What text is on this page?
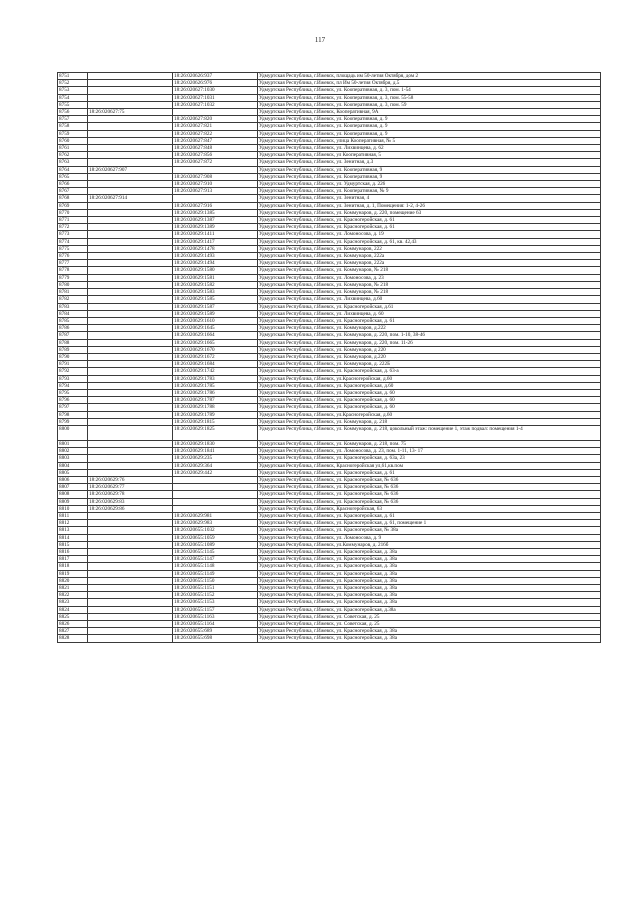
117
8751		18:26:020626:937	Удмуртская Республика, г.Ижевск, площадь им 50-летия Октября, дом 2
8752		18:26:020626:976	Удмуртская Республика, г.Ижевск, пл Им 50-летия Октября, д.5
8753		18:26:020627:1030	Удмуртская Республика, г.Ижевск, ул. Кооперативная, д. 3, пом. 1-54
8754		18:26:020627:1031	Удмуртская Республика, г.Ижевск, ул. Кооперативная, д. 3, пом. 55-58
8755		18:26:020627:1032	Удмуртская Республика, г.Ижевск, ул. Кооперативная, д. 3, пом. 59
8756	18:26:020627:75		Удмуртская Республика, г.Ижевск, Кооперативная, 9А
8757		18:26:020627:820	Удмуртская Республика, г.Ижевск, ул. Кооперативная, д. 9
8758		18:26:020627:821	Удмуртская Республика, г.Ижевск, ул. Кооперативная, д. 9
8759		18:26:020627:822	Удмуртская Республика, г.Ижевск, ул. Кооперативная, д. 9
8760		18:26:020627:847	Удмуртская Республика, г.Ижевск, улица Кооперативная, № 5
8761		18:26:020627:848	Удмуртская Республика, г.Ижевск, ул. Лихвинцева, д. 62
8762		18:26:020627:856	Удмуртская Республика, г.Ижевск, ул Кооперативная, 5
8763		18:26:020627:872	Удмуртская Республика, г.Ижевск, ул. Зенитная, д.3
8764	18:26:020627:907		Удмуртская Республика, г.Ижевск, ул. Кооперативная, 9
8765		18:26:020627:908	Удмуртская Республика, г.Ижевск, ул. Кооперативная, 9
8766		18:26:020627:910	Удмуртская Республика, г.Ижевск, ул. Удмуртская, д. 226
8767		18:26:020627:913	Удмуртская Республика, г.Ижевск, ул. Кооперативная, № 9
8768	18:26:020627:914		Удмуртская Республика, г.Ижевск, ул. Зенитная, 4
8769		18:26:020627:916	Удмуртская Республика, г.Ижевск, ул. Зенитная, д. 1, Помещения: 1-2, 4-26
8770		18:26:020629:1385	Удмуртская Республика, г.Ижевск, ул. Коммунаров, д. 220, помещение 63
8771		18:26:020629:1387	Удмуртская Республика, г.Ижевск, ул. Красногеройская, д. 61
8772		18:26:020629:1389	Удмуртская Республика, г.Ижевск, ул. Красногеройская, д. 61
8773		18:26:020629:1411	Удмуртская Республика, г.Ижевск, ул. Ломоносова, д. 19
8774		18:26:020629:1417	Удмуртская Республика, г.Ижевск, ул. Красногеройская, д. 61, кв. 42,43
8775		18:26:020629:1478	Удмуртская Республика, г.Ижевск, ул. Коммунаров, 222
8776		18:26:020629:1493	Удмуртская Республика, г.Ижевск, ул. Коммунаров, 222а
8777		18:26:020629:1494	Удмуртская Республика, г.Ижевск, ул. Коммунаров, 222а
8778		18:26:020629:1580	Удмуртская Республика, г.Ижевск, ул. Коммунаров, № 218
8779		18:26:020629:1581	Удмуртская Республика, г.Ижевск, ул. Ломоносова, д. 23
8780		18:26:020629:1582	Удмуртская Республика, г.Ижевск, ул. Коммунаров, № 218
8781		18:26:020629:1583	Удмуртская Республика, г.Ижевск, ул. Коммунаров, № 218
8782		18:26:020629:1585	Удмуртская Республика, г.Ижевск, ул. Лихвинцева, д.60
8783		18:26:020629:1587	Удмуртская Республика, г.Ижевск, ул. Красногеройская, д.61
8784		18:26:020629:1589	Удмуртская Республика, г.Ижевск, ул. Лихвинцева, д. 60
8785		18:26:020629:1610	Удмуртская Республика, г.Ижевск, ул. Красногеройская, д. 61
8786		18:26:020629:1645	Удмуртская Республика, г.Ижевск, ул. Коммунаров, д.222
8787		18:26:020629:1664	Удмуртская Республика, г.Ижевск, ул. Коммунаров, д. 220, пом. 1-10, 38-46
8788		18:26:020629:1665	Удмуртская Республика, г.Ижевск, ул. Коммунаров, д. 220, пом. 11-26
8789		18:26:020629:1670	Удмуртская Республика, г.Ижевск, ул. Коммунаров, д 220
8790		18:26:020629:1672	Удмуртская Республика, г.Ижевск, ул. Коммунаров, д.220
8791		18:26:020629:1684	Удмуртская Республика, г.Ижевск, ул. Коммунаров, д. 222Б
8792		18:26:020629:1742	Удмуртская Республика, г.Ижевск, ул. Красногеройская, д. 63-а
8793		18:26:020629:1783	Удмуртская Республика, г.Ижевск, ул.Красногеройская, д.60
8794		18:26:020629:1785	Удмуртская Республика, г.Ижевск, ул. Красногеройская, д.60
8795		18:26:020629:1786	Удмуртская Республика, г.Ижевск, ул. Красногеройская, д. 60
8796		18:26:020629:1787	Удмуртская Республика, г.Ижевск, ул. Красногеройская, д. 60
8797		18:26:020629:1788	Удмуртская Республика, г.Ижевск, ул. Красногеройская, д. 60
8798		18:26:020629:1789	Удмуртская Республика, г.Ижевск, ул.Красногеройская, д.60
8799		18:26:020629:1815	Удмуртская Республика, г.Ижевск, ул. Коммунаров, д. 218
8800		18:26:020629:1825	Удмуртская Республика, г.Ижевск, ул. Коммунаров, д. 218, цокольный этаж: помещение 1, этаж подвал: помещения 1-4
8801		18:26:020629:1830	Удмуртская Республика, г.Ижевск, ул. Коммунаров, д. 218, пом. 75
8802		18:26:020629:1841	Удмуртская Республика, г.Ижевск, ул. Ломоносова, д. 23, пом. 1-11, 13- 17
8803		18:26:020629:235	Удмуртская Республика, г.Ижевск, ул. Красногеройская, д. 63а, 23
8804		18:26:020629:364	Удмуртская Республика, г.Ижевск, Красногеройская ул,61,кв.пом
8805		18:26:020629:442	Удмуртская Республика, г.Ижевск, ул. Красногеройская, д. 61
8806	18:26:020629:76		Удмуртская Республика, г.Ижевск, ул. Красногеройская, № 636
8807	18:26:020629:77		Удмуртская Республика, г.Ижевск, ул. Красногеройская, № 636
8808	18:26:020629:78		Удмуртская Республика, г.Ижевск, ул. Красногеройская, № 636
8809	18:26:020629:83		Удмуртская Республика, г.Ижевск, ул. Красногеройская, № 636
8810	18:26:020629:86		Удмуртская Республика, г.Ижевск, Красногеройская, 63
8811		18:26:020629:981	Удмуртская Республика, г.Ижевск, ул. Красногеройская, д. 61
8812		18:26:020629:983	Удмуртская Республика, г.Ижевск, ул. Красногеройская, д. 61, помещение 1
8813		18:26:020655:1032	Удмуртская Республика, г.Ижевск, ул. Красногеройская, № 38а
8814		18:26:020655:1059	Удмуртская Республика, г.Ижевск, ул. Ломоносова, д. 9
8815		18:26:020655:1089	Удмуртская Республика, г.Ижевск, ул.Коммунаров, д. 216б
8816		18:26:020655:1145	Удмуртская Республика, г.Ижевск, ул. Красногеройская, д. 38а
8817		18:26:020655:1147	Удмуртская Республика, г.Ижевск, ул. Красногеройская, д. 38а
8818		18:26:020655:1148	Удмуртская Республика, г.Ижевск, ул. Красногеройская, д. 38а
8819		18:26:020655:1149	Удмуртская Республика, г.Ижевск, ул. Красногеройская, д. 38а
8820		18:26:020655:1150	Удмуртская Республика, г.Ижевск, ул. Красногеройская, д. 38а
8821		18:26:020655:1151	Удмуртская Республика, г.Ижевск, ул. Красногеройская, д. 38а
8822		18:26:020655:1152	Удмуртская Республика, г.Ижевск, ул. Красногеройская, д. 38а
8823		18:26:020655:1153	Удмуртская Республика, г.Ижевск, ул. Красногеройская, д. 38а
8824		18:26:020655:1157	Удмуртская Республика, г.Ижевск, ул. Красногеройская, д.38а
8825		18:26:020655:1163	Удмуртская Республика, г.Ижевск, ул. Советская, д. 25
8826		18:26:020655:1164	Удмуртская Республика, г.Ижевск, ул. Советская, д. 25
8827		18:26:020655:689	Удмуртская Республика, г.Ижевск, ул. Красногеройская, д. 38а
8828		18:26:020655:698	Удмуртская Республика, г.Ижевск, ул. Красногеройская, д. 38а
